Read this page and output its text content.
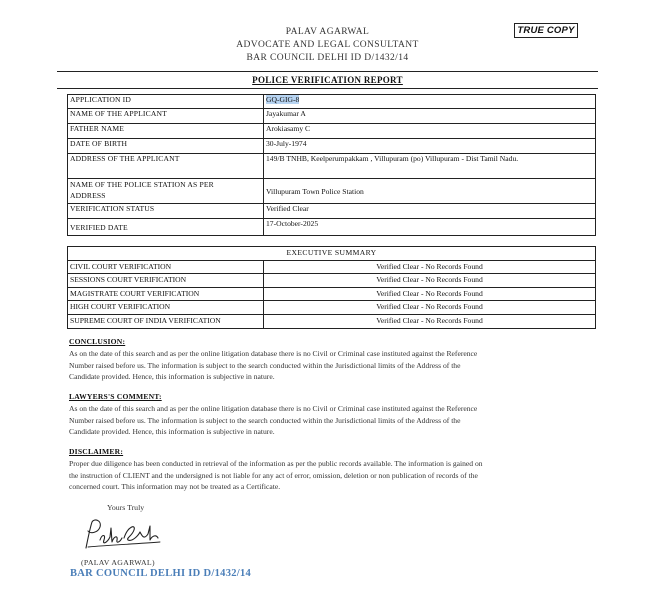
TRUE COPY
PALAV AGARWAL
ADVOCATE AND LEGAL CONSULTANT
BAR COUNCIL DELHI ID D/1432/14
POLICE VERIFICATION REPORT
APPLICATION ID	GQ-GIG-8
NAME OF THE APPLICANT	Jayakumar A
FATHER NAME	Arokiasamy C
DATE OF BIRTH	30-July-1974
ADDRESS OF THE APPLICANT	149/B TNHB, Keelperumpakkam , Villupuram (po) Villupuram - Dist Tamil Nadu.

NAME OF THE POLICE STATION AS PER
ADDRESS	Villupuram Town Police Station
VERIFICATION STATUS	Verified Clear
VERIFIED DATE	17-October-2025
EXECUTIVE SUMMARY	
CIVIL COURT VERIFICATION	Verified Clear - No Records Found
SESSIONS COURT VERIFICATION	Verified Clear - No Records Found
MAGISTRATE COURT VERIFICATION	Verified Clear - No Records Found
HIGH COURT VERIFICATION	Verified Clear - No Records Found
SUPREME COURT OF INDIA VERIFICATION	Verified Clear - No Records Found
CONCLUSION:
As on the date of this search and as per the online litigation database there is no Civil or Criminal case instituted against the Reference
Number raised before us. The information is subject to the search conducted within the Jurisdictional limits of the Address of the
Candidate provided. Hence, this information is subjective in nature.
LAWYERS'S COMMENT:
As on the date of this search and as per the online litigation database there is no Civil or Criminal case instituted against the Reference
Number raised before us. The information is subject to the search conducted within the Jurisdictional limits of the Address of the
Candidate provided. Hence, this information is subjective in nature.
DISCLAIMER:
Proper due diligence has been conducted in retrieval of the information as per the public records available. The information is gained on
the instruction of CLIENT and the undersigned is not liable for any act of error, omission, deletion or non publication of records of the
concerned court. This information may not be treated as a Certificate.
Yours Truly
(PALAV AGARWAL)
BAR COUNCIL DELHI ID D/1432/14
